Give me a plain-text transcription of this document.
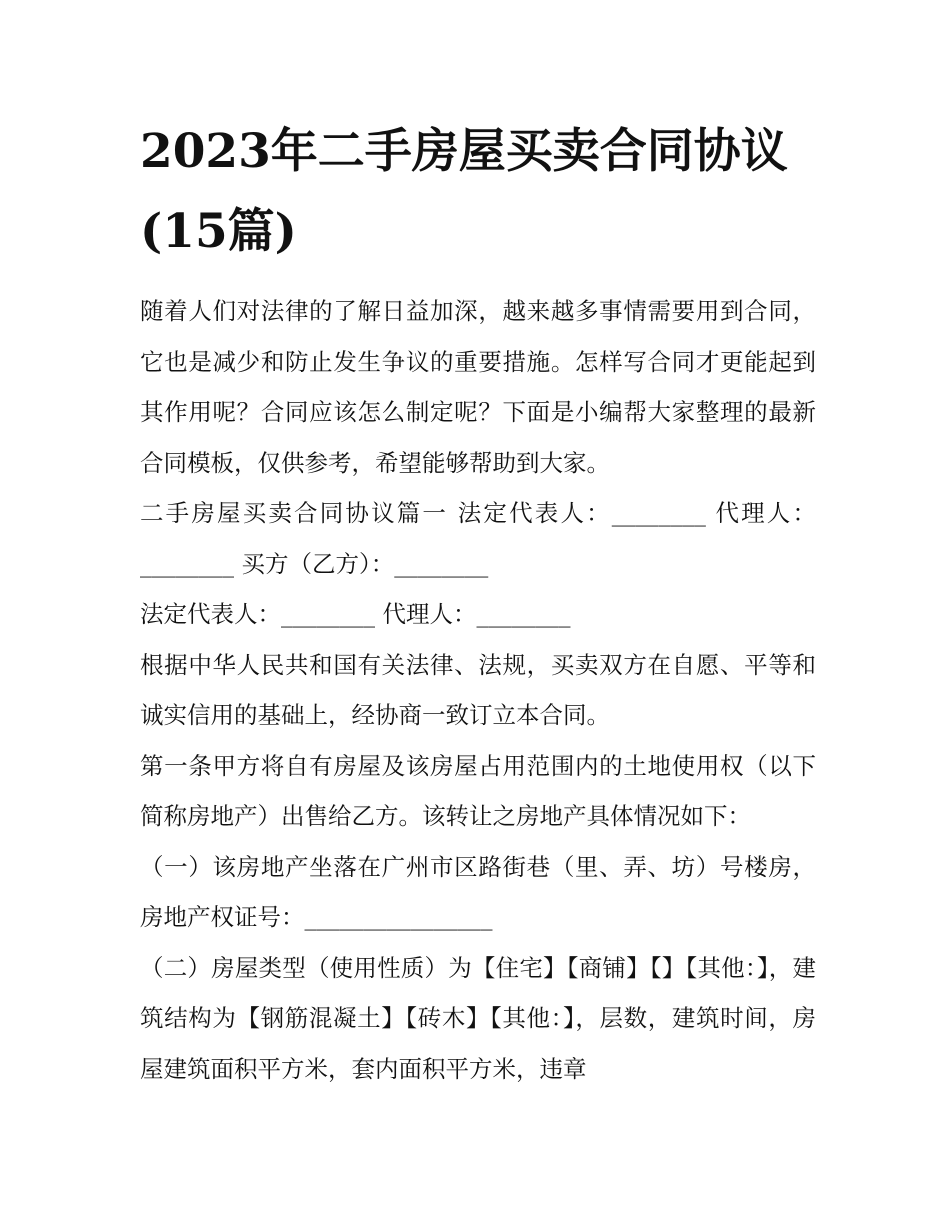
2023年二手房屋买卖合同协议(15篇)

随着人们对法律的了解日益加深，越来越多事情需要用到合同，它也是减少和防止发生争议的重要措施。怎样写合同才更能起到其作用呢？合同应该怎么制定呢？下面是小编帮大家整理的最新合同模板，仅供参考，希望能够帮助到大家。

二手房屋买卖合同协议篇一 法定代表人：________ 代理人：________ 买方（乙方）：________

法定代表人：________ 代理人：________

根据中华人民共和国有关法律、法规，买卖双方在自愿、平等和诚实信用的基础上，经协商一致订立本合同。

第一条甲方将自有房屋及该房屋占用范围内的土地使用权（以下简称房地产）出售给乙方。该转让之房地产具体情况如下：

（一）该房地产坐落在广州市区路街巷（里、弄、坊）号楼房，房地产权证号：________________

（二）房屋类型（使用性质）为【住宅】【商铺】【】【其他：】，建筑结构为【钢筋混凝土】【砖木】【其他：】，层数，建筑时间，房屋建筑面积平方米，套内面积平方米，违章
